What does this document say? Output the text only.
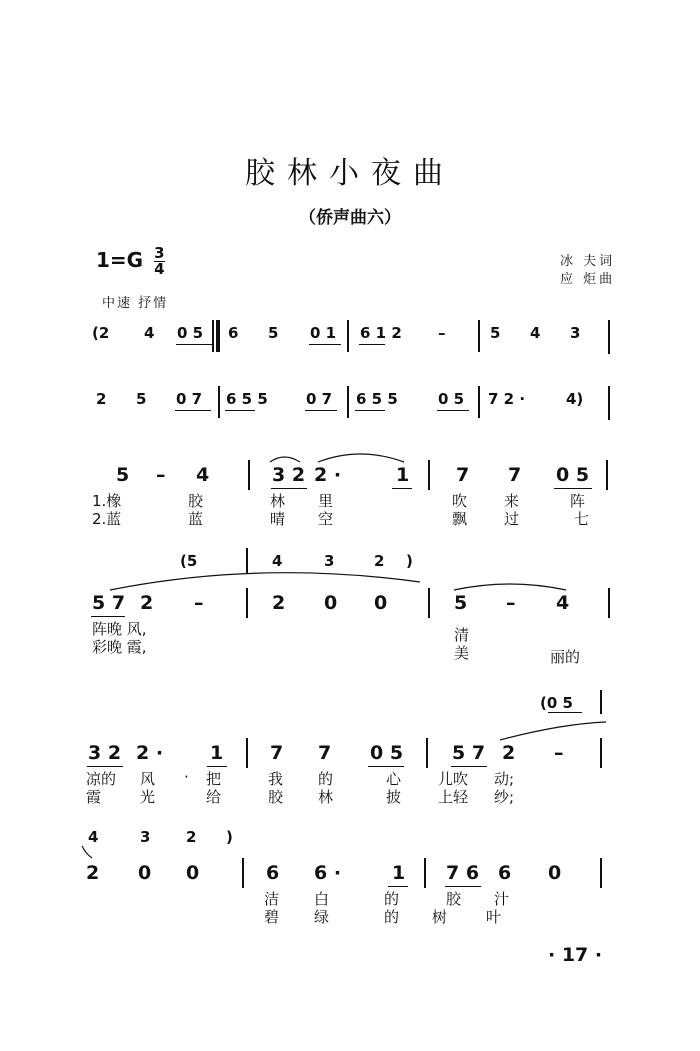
胶林小夜曲
（侨声曲六）
$1=G \frac{3}{4}$	冰 夫词
应 炬曲
中速 抒情
(2 4 0 5 6 5 0 1 6 1 2 –	5 4 3
2 5 0 7 6 5 5	0 7 6 5 5	0 5 7 2 ·	4)
5 – 4	3 2 2 ·	1 7 7 0 5
1.橡	胶	林 里	吹 来	阵
2.蓝	蓝	晴 空	飘 过	七
(5	4	3	2 )
5 7 2 –	2 0 0	5 – 4
阵晚 风,	清
彩晚 霞,	美	丽的
(0 5
3 2 2 · 1 7 7 0 5	5 7 2 –
凉的 风 · 把	我 的	心 儿吹 动;
霞	光	给	胶 林	披 上轻 纱;
4	3 2 )
2 0 0	6 6 ·	1 7 6 6 0
洁 白	的	胶 汁
碧 绿	的 树	叶
· 17 ·
